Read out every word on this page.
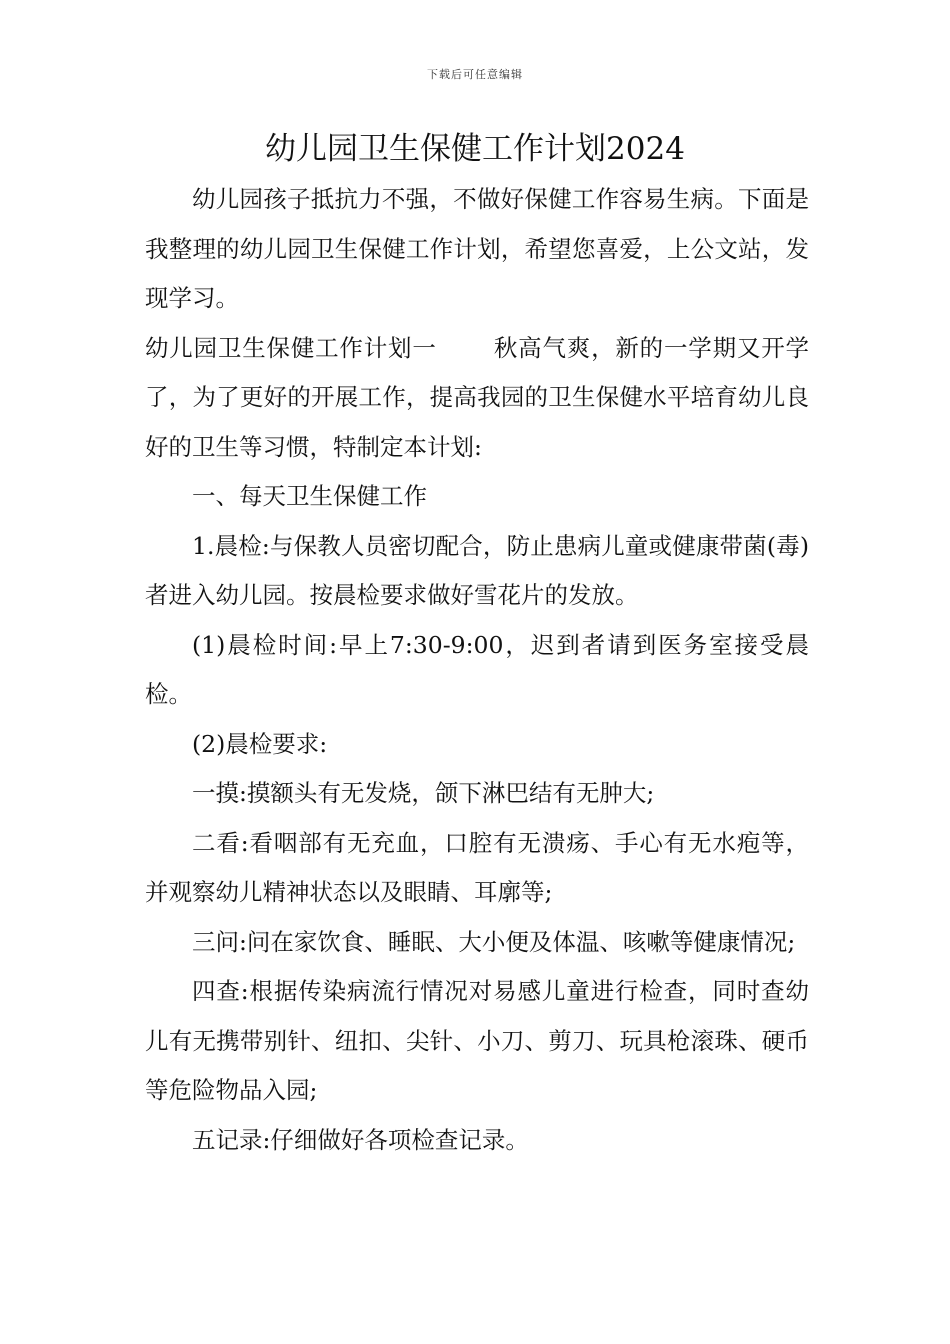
下载后可任意编辑
幼儿园卫生保健工作计划2024

幼儿园孩子抵抗力不强，不做好保健工作容易生病。下面是我整理的幼儿园卫生保健工作计划，希望您喜爱，上公文站，发现学习。

幼儿园卫生保健工作计划一 秋高气爽，新的一学期又开学了，为了更好的开展工作，提高我园的卫生保健水平培育幼儿良好的卫生等习惯，特制定本计划:

一、每天卫生保健工作

1.晨检:与保教人员密切配合，防止患病儿童或健康带菌(毒)者进入幼儿园。按晨检要求做好雪花片的发放。

(1)晨检时间:早上7:30-9:00，迟到者请到医务室接受晨检。

(2)晨检要求:

一摸:摸额头有无发烧，颌下淋巴结有无肿大;

二看:看咽部有无充血，口腔有无溃疡、手心有无水疱等，并观察幼儿精神状态以及眼睛、耳廓等;

三问:问在家饮食、睡眠、大小便及体温、咳嗽等健康情况;

四查:根据传染病流行情况对易感儿童进行检查，同时查幼儿有无携带别针、纽扣、尖针、小刀、剪刀、玩具枪滚珠、硬币等危险物品入园;

五记录:仔细做好各项检查记录。
